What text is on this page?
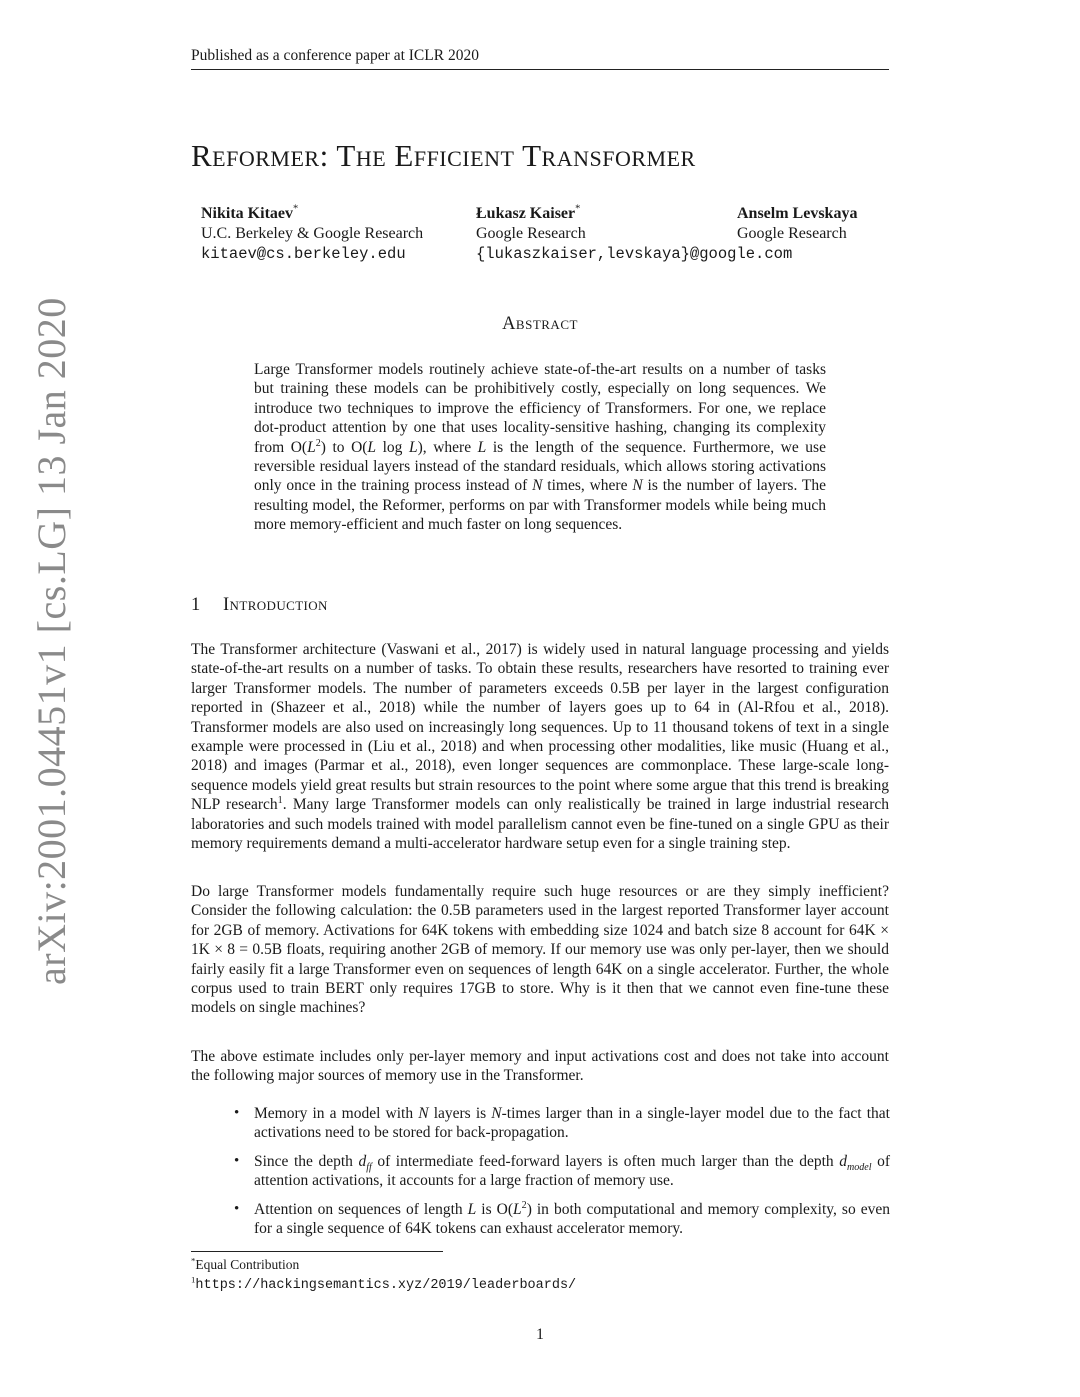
Published as a conference paper at ICLR 2020
Reformer: The Efficient Transformer
Nikita Kitaev*
U.C. Berkeley & Google Research
kitaev@cs.berkeley.edu
Łukasz Kaiser*
Google Research
{lukaszkaiser,levskaya}@google.com
Anselm Levskaya
Google Research
Abstract
Large Transformer models routinely achieve state-of-the-art results on a number of tasks but training these models can be prohibitively costly, especially on long sequences. We introduce two techniques to improve the efficiency of Transformers. For one, we replace dot-product attention by one that uses locality-sensitive hashing, changing its complexity from $O(L^2)$ to O(L log L), where L is the length of the sequence. Furthermore, we use reversible residual layers instead of the standard residuals, which allows storing activations only once in the training process instead of N times, where N is the number of layers. The resulting model, the Reformer, performs on par with Transformer models while being much more memory-efficient and much faster on long sequences.
1 Introduction
The Transformer architecture (Vaswani et al., 2017) is widely used in natural language processing and yields state-of-the-art results on a number of tasks. To obtain these results, researchers have resorted to training ever larger Transformer models. The number of parameters exceeds 0.5B per layer in the largest configuration reported in (Shazeer et al., 2018) while the number of layers goes up to 64 in (Al-Rfou et al., 2018). Transformer models are also used on increasingly long sequences. Up to 11 thousand tokens of text in a single example were processed in (Liu et al., 2018) and when processing other modalities, like music (Huang et al., 2018) and images (Parmar et al., 2018), even longer sequences are commonplace. These large-scale long-sequence models yield great results but strain resources to the point where some argue that this trend is breaking NLP research$^1$. Many large Transformer models can only realistically be trained in large industrial research laboratories and such models trained with model parallelism cannot even be fine-tuned on a single GPU as their memory requirements demand a multi-accelerator hardware setup even for a single training step.
Do large Transformer models fundamentally require such huge resources or are they simply inefficient? Consider the following calculation: the 0.5B parameters used in the largest reported Transformer layer account for 2GB of memory. Activations for 64K tokens with embedding size 1024 and batch size 8 account for 64K × 1K × 8 = 0.5B floats, requiring another 2GB of memory. If our memory use was only per-layer, then we should fairly easily fit a large Transformer even on sequences of length 64K on a single accelerator. Further, the whole corpus used to train BERT only requires 17GB to store. Why is it then that we cannot even fine-tune these models on single machines?
The above estimate includes only per-layer memory and input activations cost and does not take into account the following major sources of memory use in the Transformer.
• Memory in a model with N layers is N-times larger than in a single-layer model due to the fact that activations need to be stored for back-propagation.
• Since the depth $d_{ff}$ of intermediate feed-forward layers is often much larger than the depth $d_{model}$ of attention activations, it accounts for a large fraction of memory use.
• Attention on sequences of length L is $O(L^2)$ in both computational and memory complexity, so even for a single sequence of 64K tokens can exhaust accelerator memory.
*Equal Contribution
$^1$https://hackingsemantics.xyz/2019/leaderboards/
1
arXiv:2001.04451v1 [cs.LG] 13 Jan 2020
